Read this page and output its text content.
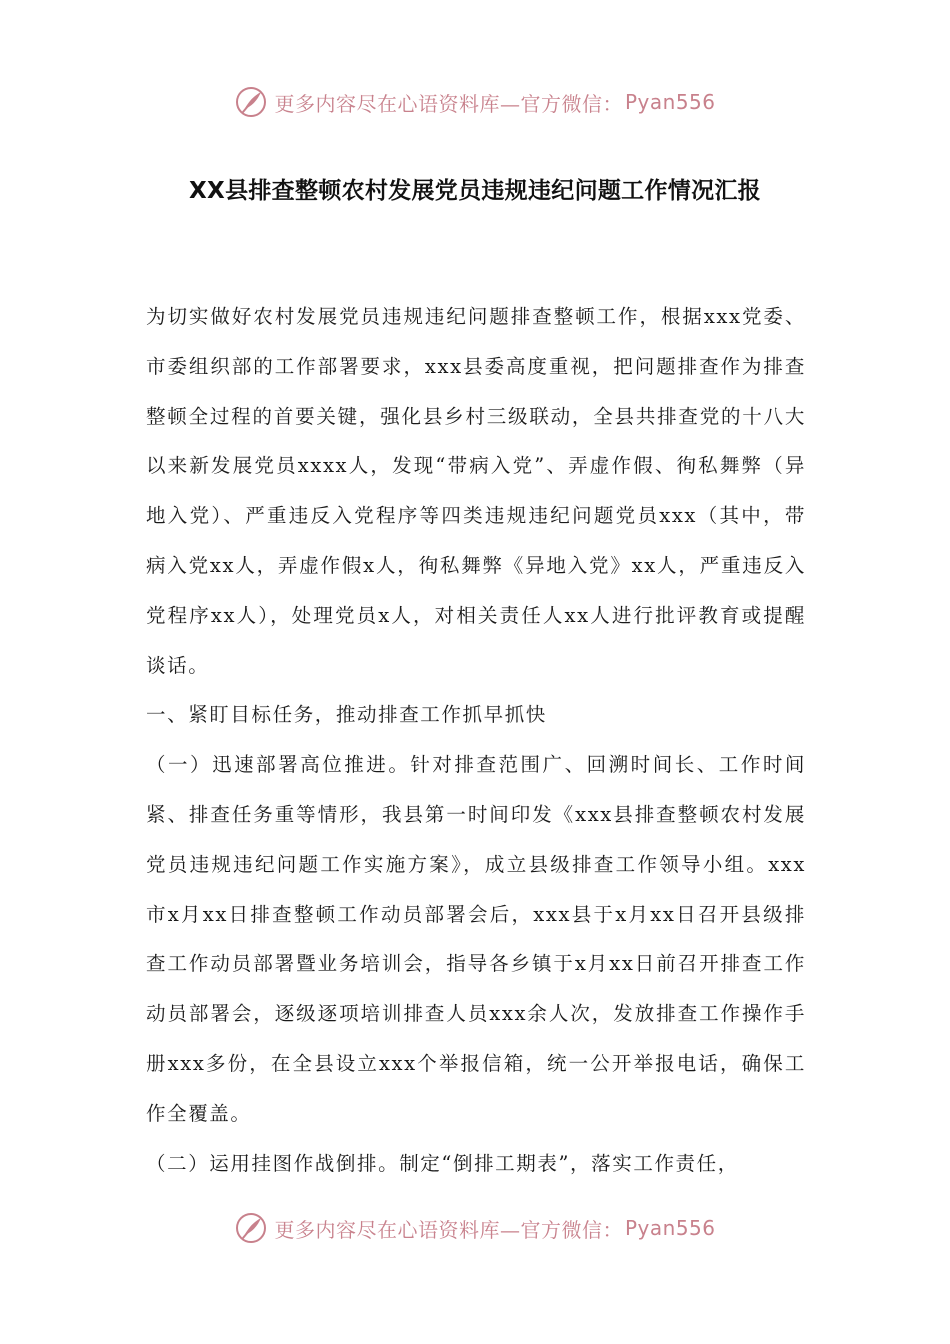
更多内容尽在心语资料库—官方微信： Pyan556
XX县排查整顿农村发展党员违规违纪问题工作情况汇报

为切实做好农村发展党员违规违纪问题排查整顿工作，根据xxx党委、市委组织部的工作部署要求，xxx县委高度重视，把问题排查作为排查整顿全过程的首要关键，强化县乡村三级联动，全县共排查党的十八大以来新发展党员xxxx人，发现“带病入党”、弄虚作假、徇私舞弊（异地入党）、严重违反入党程序等四类违规违纪问题党员xxx（其中，带病入党xx人，弄虚作假x人，徇私舞弊《异地入党》xx人，严重违反入党程序xx人），处理党员x人，对相关责任人xx人进行批评教育或提醒谈话。

一、紧盯目标任务，推动排查工作抓早抓快

（一）迅速部署高位推进。针对排查范围广、回溯时间长、工作时间紧、排查任务重等情形，我县第一时间印发《xxx县排查整顿农村发展党员违规违纪问题工作实施方案》，成立县级排查工作领导小组。xxx市x月xx日排查整顿工作动员部署会后，xxx县于x月xx日召开县级排查工作动员部署暨业务培训会，指导各乡镇于x月xx日前召开排查工作动员部署会，逐级逐项培训排查人员xxx余人次，发放排查工作操作手册xxx多份，在全县设立xxx个举报信箱，统一公开举报电话，确保工作全覆盖。

（二）运用挂图作战倒排。制定“倒排工期表”，落实工作责任，

更多内容尽在心语资料库—官方微信： Pyan556
